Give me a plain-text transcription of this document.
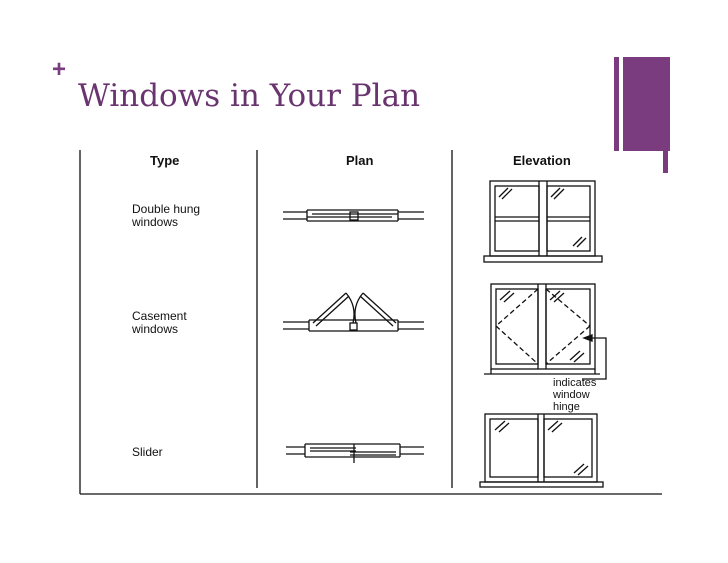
+
Windows in Your Plan
Type	Plan	Elevation
Double hung
windows
Casement
windows
Slider
indicates
window
hinge
